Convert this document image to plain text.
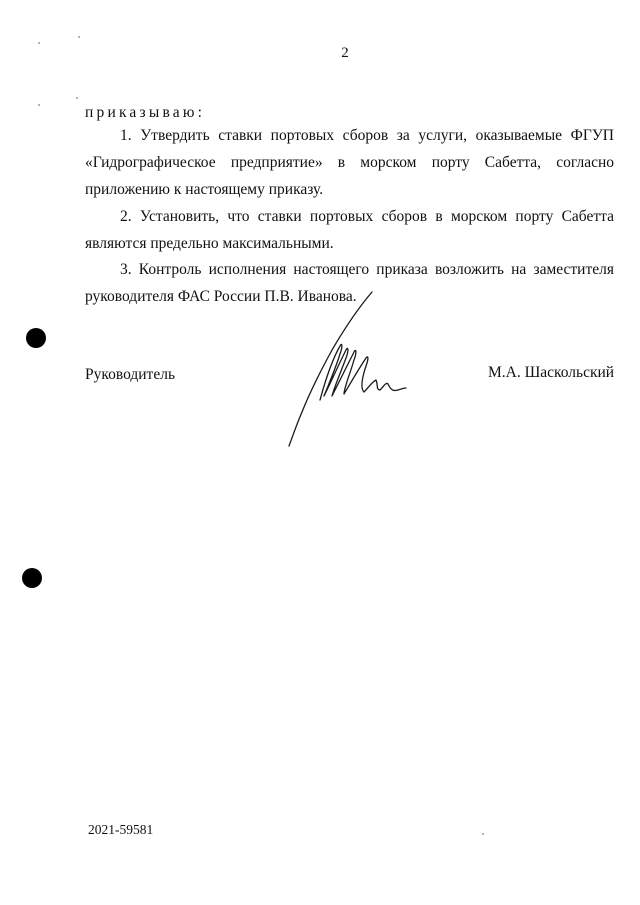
2
приказываю:

1. Утвердить ставки портовых сборов за услуги, оказываемые ФГУП «Гидрографическое предприятие» в морском порту Сабетта, согласно приложению к настоящему приказу.

2. Установить, что ставки портовых сборов в морском порту Сабетта являются предельно максимальными.

3. Контроль исполнения настоящего приказа возложить на заместителя руководителя ФАС России П.В. Иванова.

Руководитель	М.А. Шаскольский
2021-59581
